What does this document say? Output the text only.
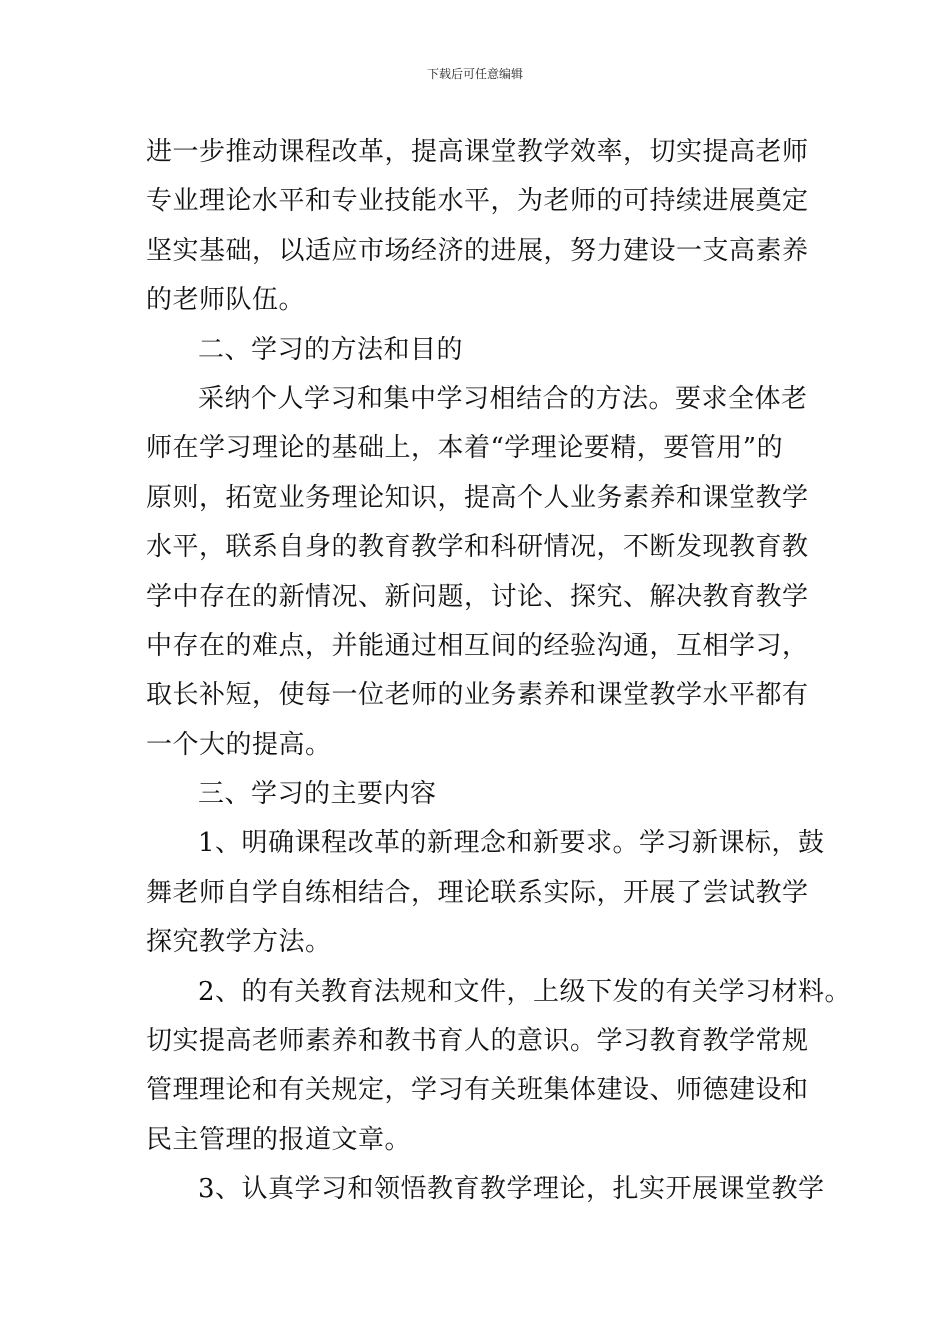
下载后可任意编辑
进一步推动课程改革，提高课堂教学效率，切实提高老师
专业理论水平和专业技能水平，为老师的可持续进展奠定
坚实基础，以适应市场经济的进展，努力建设一支高素养
的老师队伍。
二、学习的方法和目的
采纳个人学习和集中学习相结合的方法。要求全体老
师在学习理论的基础上，本着“学理论要精，要管用”的
原则，拓宽业务理论知识，提高个人业务素养和课堂教学
水平，联系自身的教育教学和科研情况，不断发现教育教
学中存在的新情况、新问题，讨论、探究、解决教育教学
中存在的难点，并能通过相互间的经验沟通，互相学习，
取长补短，使每一位老师的业务素养和课堂教学水平都有
一个大的提高。
三、学习的主要内容
1、明确课程改革的新理念和新要求。学习新课标，鼓
舞老师自学自练相结合，理论联系实际，开展了尝试教学
探究教学方法。
2、的有关教育法规和文件，上级下发的有关学习材料。
切实提高老师素养和教书育人的意识。学习教育教学常规
管理理论和有关规定，学习有关班集体建设、师德建设和
民主管理的报道文章。
3、认真学习和领悟教育教学理论，扎实开展课堂教学
